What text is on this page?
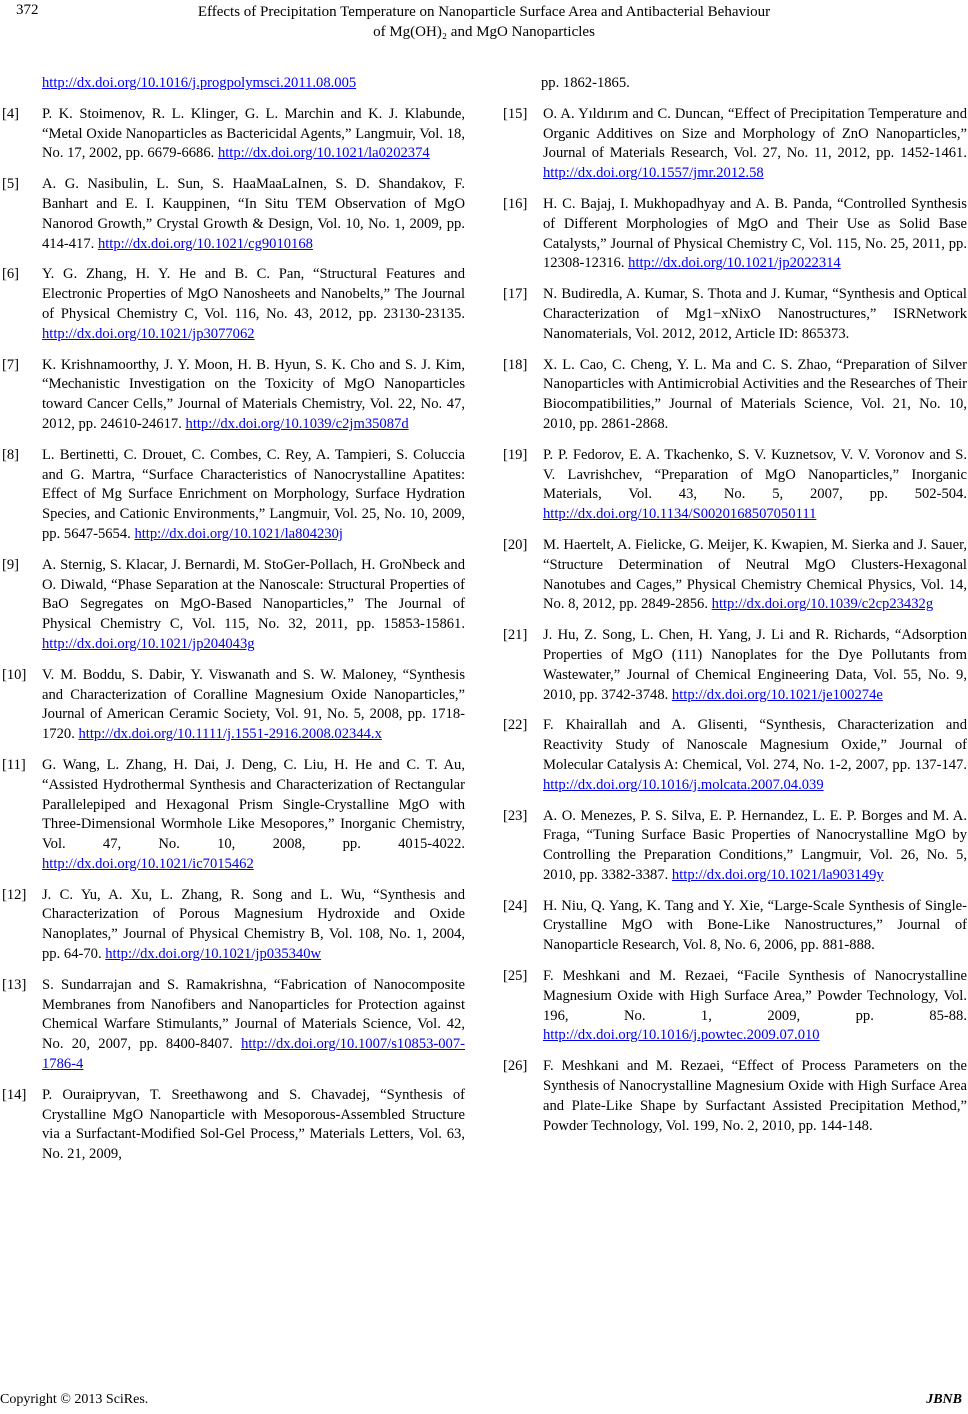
372	Effects of Precipitation Temperature on Nanoparticle Surface Area and Antibacterial Behaviour
of Mg(OH)₂ and MgO Nanoparticles
http://dx.doi.org/10.1016/j.progpolymsci.2011.08.005
[4] P. K. Stoimenov, R. L. Klinger, G. L. Marchin and K. J. Klabunde, “Metal Oxide Nanoparticles as Bactericidal Agents,” Langmuir, Vol. 18, No. 17, 2002, pp. 6679-6686. http://dx.doi.org/10.1021/la0202374
[5] A. G. Nasibulin, L. Sun, S. HaaMaaLaInen, S. D. Shandakov, F. Banhart and E. I. Kauppinen, “In Situ TEM Observation of MgO Nanorod Growth,” Crystal Growth & Design, Vol. 10, No. 1, 2009, pp. 414-417. http://dx.doi.org/10.1021/cg9010168
[6] Y. G. Zhang, H. Y. He and B. C. Pan, “Structural Features and Electronic Properties of MgO Nanosheets and Nanobelts,” The Journal of Physical Chemistry C, Vol. 116, No. 43, 2012, pp. 23130-23135. http://dx.doi.org/10.1021/jp3077062
[7] K. Krishnamoorthy, J. Y. Moon, H. B. Hyun, S. K. Cho and S. J. Kim, “Mechanistic Investigation on the Toxicity of MgO Nanoparticles toward Cancer Cells,” Journal of Materials Chemistry, Vol. 22, No. 47, 2012, pp. 24610-24617. http://dx.doi.org/10.1039/c2jm35087d
[8] L. Bertinetti, C. Drouet, C. Combes, C. Rey, A. Tampieri, S. Coluccia and G. Martra, “Surface Characteristics of Nanocrystalline Apatites: Effect of Mg Surface Enrichment on Morphology, Surface Hydration Species, and Cationic Environments,” Langmuir, Vol. 25, No. 10, 2009, pp. 5647-5654. http://dx.doi.org/10.1021/la804230j
[9] A. Sternig, S. Klacar, J. Bernardi, M. StoGer-Pollach, H. GroNbeck and O. Diwald, “Phase Separation at the Nanoscale: Structural Properties of BaO Segregates on MgO-Based Nanoparticles,” The Journal of Physical Chemistry C, Vol. 115, No. 32, 2011, pp. 15853-15861. http://dx.doi.org/10.1021/jp204043g
[10] V. M. Boddu, S. Dabir, Y. Viswanath and S. W. Maloney, “Synthesis and Characterization of Coralline Magnesium Oxide Nanoparticles,” Journal of American Ceramic Society, Vol. 91, No. 5, 2008, pp. 1718-1720. http://dx.doi.org/10.1111/j.1551-2916.2008.02344.x
[11] G. Wang, L. Zhang, H. Dai, J. Deng, C. Liu, H. He and C. T. Au, “Assisted Hydrothermal Synthesis and Characterization of Rectangular Parallelepiped and Hexagonal Prism Single-Crystalline MgO with Three-Dimensional Wormhole Like Mesopores,” Inorganic Chemistry, Vol. 47, No. 10, 2008, pp. 4015-4022. http://dx.doi.org/10.1021/ic7015462
[12] J. C. Yu, A. Xu, L. Zhang, R. Song and L. Wu, “Synthesis and Characterization of Porous Magnesium Hydroxide and Oxide Nanoplates,” Journal of Physical Chemistry B, Vol. 108, No. 1, 2004, pp. 64-70. http://dx.doi.org/10.1021/jp035340w
[13] S. Sundarrajan and S. Ramakrishna, “Fabrication of Nanocomposite Membranes from Nanofibers and Nanoparticles for Protection against Chemical Warfare Stimulants,” Journal of Materials Science, Vol. 42, No. 20, 2007, pp. 8400-8407. http://dx.doi.org/10.1007/s10853-007-1786-4
[14] P. Ouraipryvan, T. Sreethawong and S. Chavadej, “Synthesis of Crystalline MgO Nanoparticle with Mesoporous-Assembled Structure via a Surfactant-Modified Sol-Gel Process,” Materials Letters, Vol. 63, No. 21, 2009,
pp. 1862-1865.
[15] O. A. Yıldırım and C. Duncan, “Effect of Precipitation Temperature and Organic Additives on Size and Morphology of ZnO Nanoparticles,” Journal of Materials Research, Vol. 27, No. 11, 2012, pp. 1452-1461. http://dx.doi.org/10.1557/jmr.2012.58
[16] H. C. Bajaj, I. Mukhopadhyay and A. B. Panda, “Controlled Synthesis of Different Morphologies of MgO and Their Use as Solid Base Catalysts,” Journal of Physical Chemistry C, Vol. 115, No. 25, 2011, pp. 12308-12316. http://dx.doi.org/10.1021/jp2022314
[17] N. Budiredla, A. Kumar, S. Thota and J. Kumar, “Synthesis and Optical Characterization of Mg1−xNixO Nanostructures,” ISRNetwork Nanomaterials, Vol. 2012, 2012, Article ID: 865373.
[18] X. L. Cao, C. Cheng, Y. L. Ma and C. S. Zhao, “Preparation of Silver Nanoparticles with Antimicrobial Activities and the Researches of Their Biocompatibilities,” Journal of Materials Science, Vol. 21, No. 10, 2010, pp. 2861-2868.
[19] P. P. Fedorov, E. A. Tkachenko, S. V. Kuznetsov, V. V. Voronov and S. V. Lavrishchev, “Preparation of MgO Nanoparticles,” Inorganic Materials, Vol. 43, No. 5, 2007, pp. 502-504. http://dx.doi.org/10.1134/S0020168507050111
[20] M. Haertelt, A. Fielicke, G. Meijer, K. Kwapien, M. Sierka and J. Sauer, “Structure Determination of Neutral MgO Clusters-Hexagonal Nanotubes and Cages,” Physical Chemistry Chemical Physics, Vol. 14, No. 8, 2012, pp. 2849-2856. http://dx.doi.org/10.1039/c2cp23432g
[21] J. Hu, Z. Song, L. Chen, H. Yang, J. Li and R. Richards, “Adsorption Properties of MgO (111) Nanoplates for the Dye Pollutants from Wastewater,” Journal of Chemical Engineering Data, Vol. 55, No. 9, 2010, pp. 3742-3748. http://dx.doi.org/10.1021/je100274e
[22] F. Khairallah and A. Glisenti, “Synthesis, Characterization and Reactivity Study of Nanoscale Magnesium Oxide,” Journal of Molecular Catalysis A: Chemical, Vol. 274, No. 1-2, 2007, pp. 137-147. http://dx.doi.org/10.1016/j.molcata.2007.04.039
[23] A. O. Menezes, P. S. Silva, E. P. Hernandez, L. E. P. Borges and M. A. Fraga, “Tuning Surface Basic Properties of Nanocrystalline MgO by Controlling the Preparation Conditions,” Langmuir, Vol. 26, No. 5, 2010, pp. 3382-3387. http://dx.doi.org/10.1021/la903149y
[24] H. Niu, Q. Yang, K. Tang and Y. Xie, “Large-Scale Synthesis of Single-Crystalline MgO with Bone-Like Nanostructures,” Journal of Nanoparticle Research, Vol. 8, No. 6, 2006, pp. 881-888.
[25] F. Meshkani and M. Rezaei, “Facile Synthesis of Nanocrystalline Magnesium Oxide with High Surface Area,” Powder Technology, Vol. 196, No. 1, 2009, pp. 85-88. http://dx.doi.org/10.1016/j.powtec.2009.07.010
[26] F. Meshkani and M. Rezaei, “Effect of Process Parameters on the Synthesis of Nanocrystalline Magnesium Oxide with High Surface Area and Plate-Like Shape by Surfactant Assisted Precipitation Method,” Powder Technology, Vol. 199, No. 2, 2010, pp. 144-148.
Copyright © 2013 SciRes.	JBNB
